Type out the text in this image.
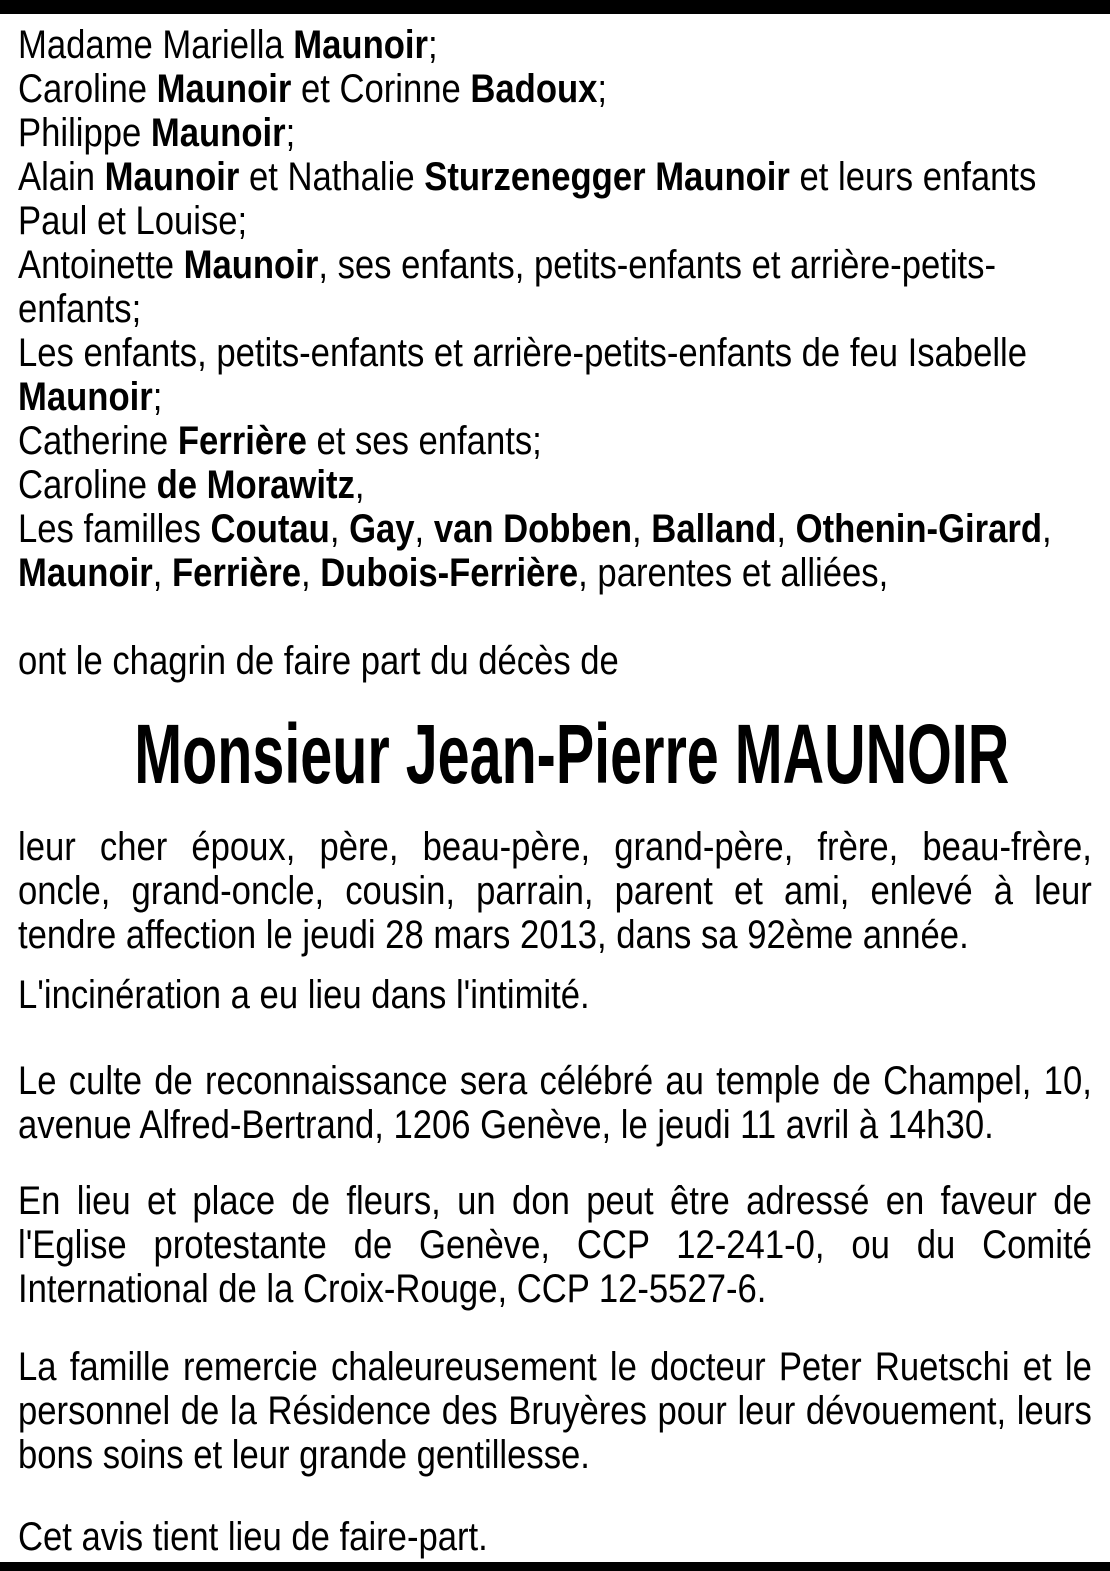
Madame Mariella Maunoir;

Caroline Maunoir et Corinne Badoux;

Philippe Maunoir;

Alain Maunoir et Nathalie Sturzenegger Maunoir et leurs enfants Paul et Louise;

Antoinette Maunoir, ses enfants, petits-enfants et arrière-petits-enfants;

Les enfants, petits-enfants et arrière-petits-enfants de feu Isabelle Maunoir;

Catherine Ferrière et ses enfants;

Caroline de Morawitz,

Les familles Coutau, Gay, van Dobben, Balland, Othenin-Girard, Maunoir, Ferrière, Dubois-Ferrière, parentes et alliées,

ont le chagrin de faire part du décès de

Monsieur Jean-Pierre MAUNOIR

leur cher époux, père, beau-père, grand-père, frère, beau-frère, oncle, grand-oncle, cousin, parrain, parent et ami, enlevé à leur tendre affection le jeudi 28 mars 2013, dans sa 92ème année.

L'incinération a eu lieu dans l'intimité.

Le culte de reconnaissance sera célébré au temple de Champel, 10, avenue Alfred-Bertrand, 1206 Genève, le jeudi 11 avril à 14h30.

En lieu et place de fleurs, un don peut être adressé en faveur de l'Eglise protestante de Genève, CCP 12-241-0, ou du Comité International de la Croix-Rouge, CCP 12-5527-6.

La famille remercie chaleureusement le docteur Peter Ruetschi et le personnel de la Résidence des Bruyères pour leur dévouement, leurs bons soins et leur grande gentillesse.

Cet avis tient lieu de faire-part.
